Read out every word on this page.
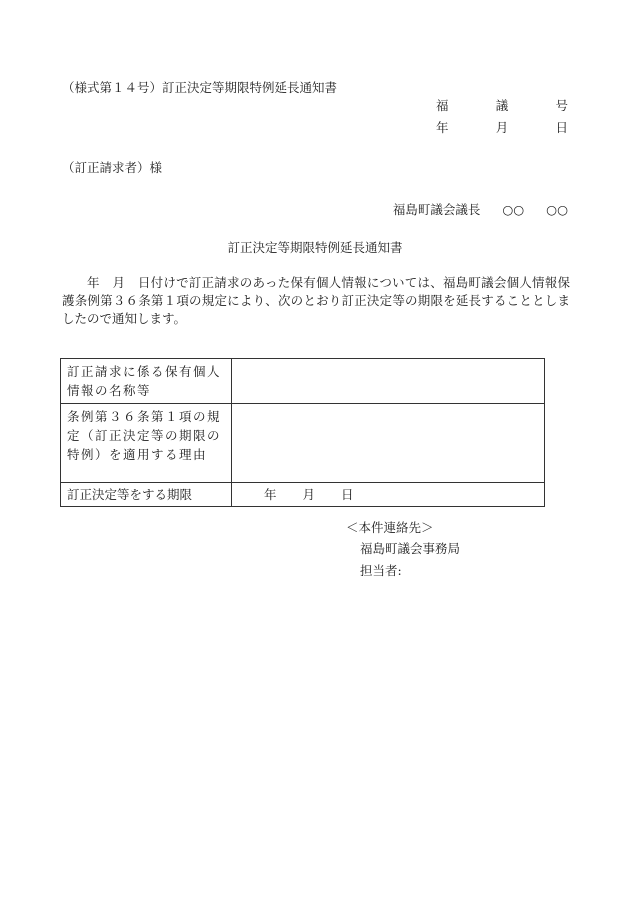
（様式第１４号）訂正決定等期限特例延長通知書
福	議	号
年	月	日
（訂正請求者）様
福島町議会議長 ○○ ○○
訂正決定等期限特例延長通知書
年　月　日付けで訂正請求のあった保有個人情報については、福島町議会個人情報保護条例第３６条第１項の規定により、次のとおり訂正決定等の期限を延長することとしましたので通知します。
訂正請求に係る保有個人情報の名称等	
条例第３６条第１項の規定（訂正決定等の期限の特例）を適用する理由	
訂正決定等をする期限	年 月 日
＜本件連絡先＞
福島町議会事務局
担当者:
